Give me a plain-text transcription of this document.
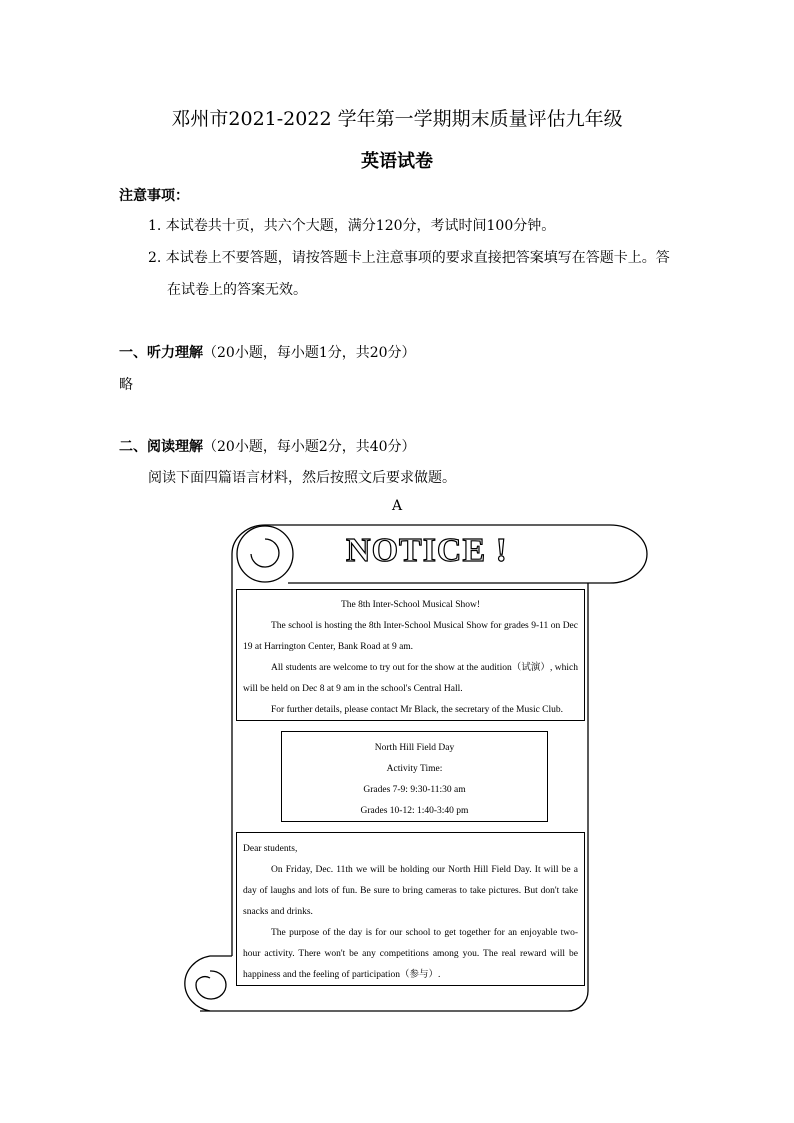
邓州市2021-2022 学年第一学期期末质量评估九年级
英语试卷
注意事项：
1. 本试卷共十页，共六个大题，满分120分，考试时间100分钟。
2. 本试卷上不要答题，请按答题卡上注意事项的要求直接把答案填写在答题卡上。答
在试卷上的答案无效。
一、听力理解（20小题，每小题1分，共20分）
略
二、阅读理解（20小题，每小题2分，共40分）
阅读下面四篇语言材料，然后按照文后要求做题。
A
NOTICE !

The 8th Inter-School Musical Show!

The school is hosting the 8th Inter-School Musical Show for grades 9-11 on Dec 19 at Harrington Center, Bank Road at 9 am.

All students are welcome to try out for the show at the audition（试演）, which will be held on Dec 8 at 9 am in the school's Central Hall.

For further details, please contact Mr Black, the secretary of the Music Club.

North Hill Field Day

Activity Time:

Grades 7-9: 9:30-11:30 am

Grades 10-12: 1:40-3:40 pm

Dear students,

On Friday, Dec. 11th we will be holding our North Hill Field Day. It will be a day of laughs and lots of fun. Be sure to bring cameras to take pictures. But don't take snacks and drinks.

The purpose of the day is for our school to get together for an enjoyable two-hour activity. There won't be any competitions among you. The real reward will be happiness and the feeling of participation（参与）.
